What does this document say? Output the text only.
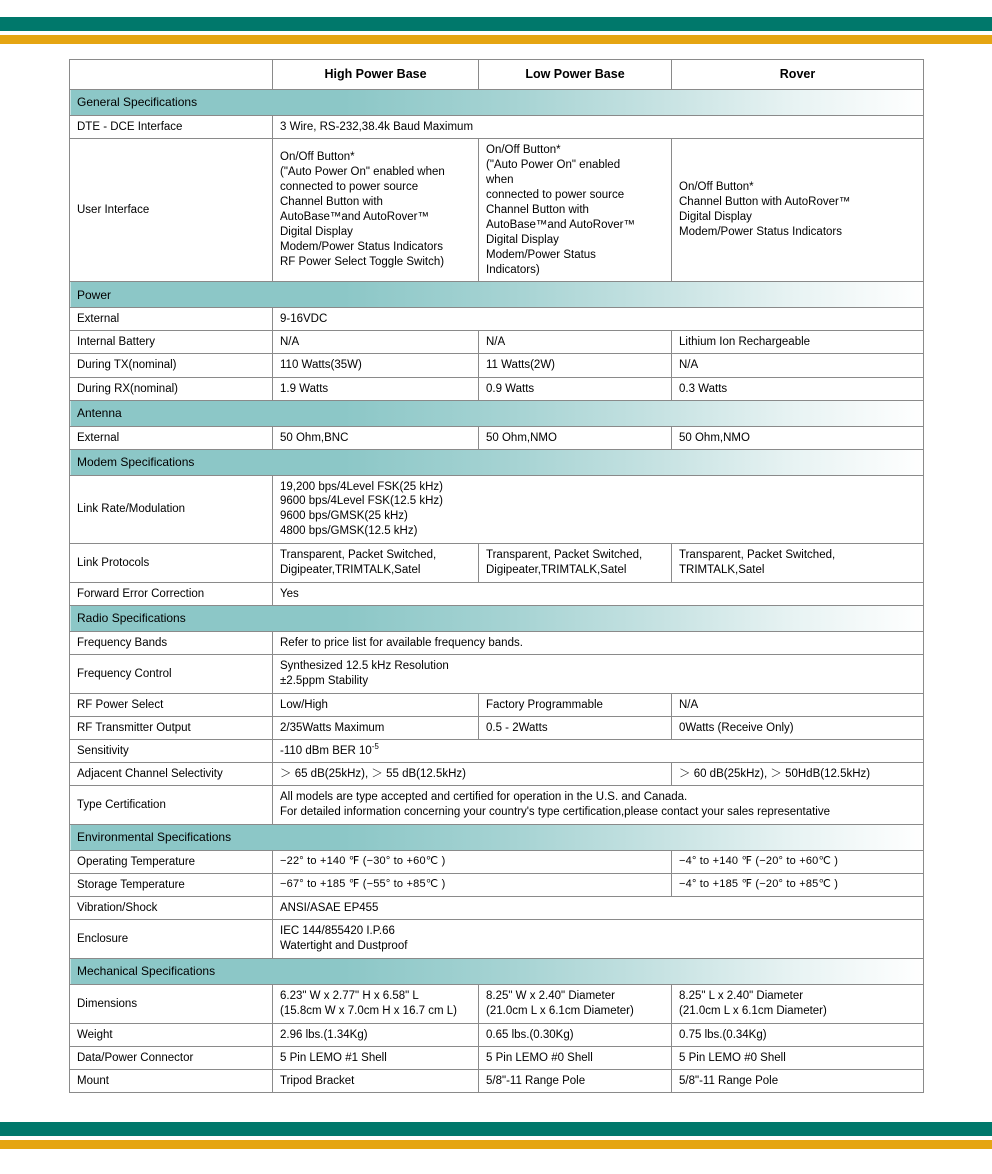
	High Power Base	Low Power Base	Rover
General Specifications			
DTE - DCE Interface	3 Wire, RS-232,38.4k Baud Maximum		
User Interface	On/Off Button*
("Auto Power On" enabled when
connected to power source
Channel Button with
AutoBase™and AutoRover™
Digital Display
Modem/Power Status Indicators
RF Power Select Toggle Switch)	On/Off Button*
("Auto Power On" enabled
when
connected to power source
Channel Button with
AutoBase™and AutoRover™
Digital Display
Modem/Power Status
Indicators)	On/Off Button*
Channel Button with AutoRover™
Digital Display
Modem/Power Status Indicators
Power			
External	9-16VDC		
Internal Battery	N/A	N/A	Lithium Ion Rechargeable
During TX(nominal)	110 Watts(35W)	11 Watts(2W)	N/A
During RX(nominal)	1.9 Watts	0.9 Watts	0.3 Watts
Antenna			
External	50 Ohm,BNC	50 Ohm,NMO	50 Ohm,NMO
Modem Specifications			
Link Rate/Modulation	19,200 bps/4Level FSK(25 kHz)
9600 bps/4Level FSK(12.5 kHz)
9600 bps/GMSK(25 kHz)
4800 bps/GMSK(12.5 kHz)		
Link Protocols	Transparent, Packet Switched,
Digipeater,TRIMTALK,Satel	Transparent, Packet Switched,
Digipeater,TRIMTALK,Satel	Transparent, Packet Switched,
TRIMTALK,Satel
Forward Error Correction	Yes		
Radio Specifications			
Frequency Bands	Refer to price list for available frequency bands.		
Frequency Control	Synthesized 12.5 kHz Resolution
±2.5ppm Stability		
RF Power Select	Low/High	Factory Programmable	N/A
RF Transmitter Output	2/35Watts Maximum	0.5 - 2Watts	0Watts (Receive Only)
Sensitivity	-110 dBm BER $10^{-5}$
Adjacent Channel Selectivity	＞ 65 dB(25kHz), ＞ 55 dB(12.5kHz)		＞ 60 dB(25kHz), ＞ 50HdB(12.5kHz)
Type Certification	All models are type accepted and certified for operation in the U.S. and Canada.
For detailed information concerning your country's type certification,please contact your sales representative		
Environmental Specifications			
Operating Temperature	−22° to +140 ℉ (−30° to +60℃ )		−4° to +140 ℉ (−20° to +60℃ )
Storage Temperature	−67° to +185 ℉ (−55° to +85℃ )		−4° to +185 ℉ (−20° to +85℃ )
Vibration/Shock	ANSI/ASAE EP455		
Enclosure	IEC 144/855420 I.P.66
Watertight and Dustproof		
Mechanical Specifications			
Dimensions	6.23" W x 2.77" H x 6.58" L
(15.8cm W x 7.0cm H x 16.7 cm L)	8.25" W x 2.40" Diameter
(21.0cm L x 6.1cm Diameter)	8.25" L x 2.40" Diameter
(21.0cm L x 6.1cm Diameter)
Weight	2.96 lbs.(1.34Kg)	0.65 lbs.(0.30Kg)	0.75 lbs.(0.34Kg)
Data/Power Connector	5 Pin LEMO #1 Shell	5 Pin LEMO #0 Shell	5 Pin LEMO #0 Shell
Mount	Tripod Bracket	5/8"-11 Range Pole	5/8"-11 Range Pole
